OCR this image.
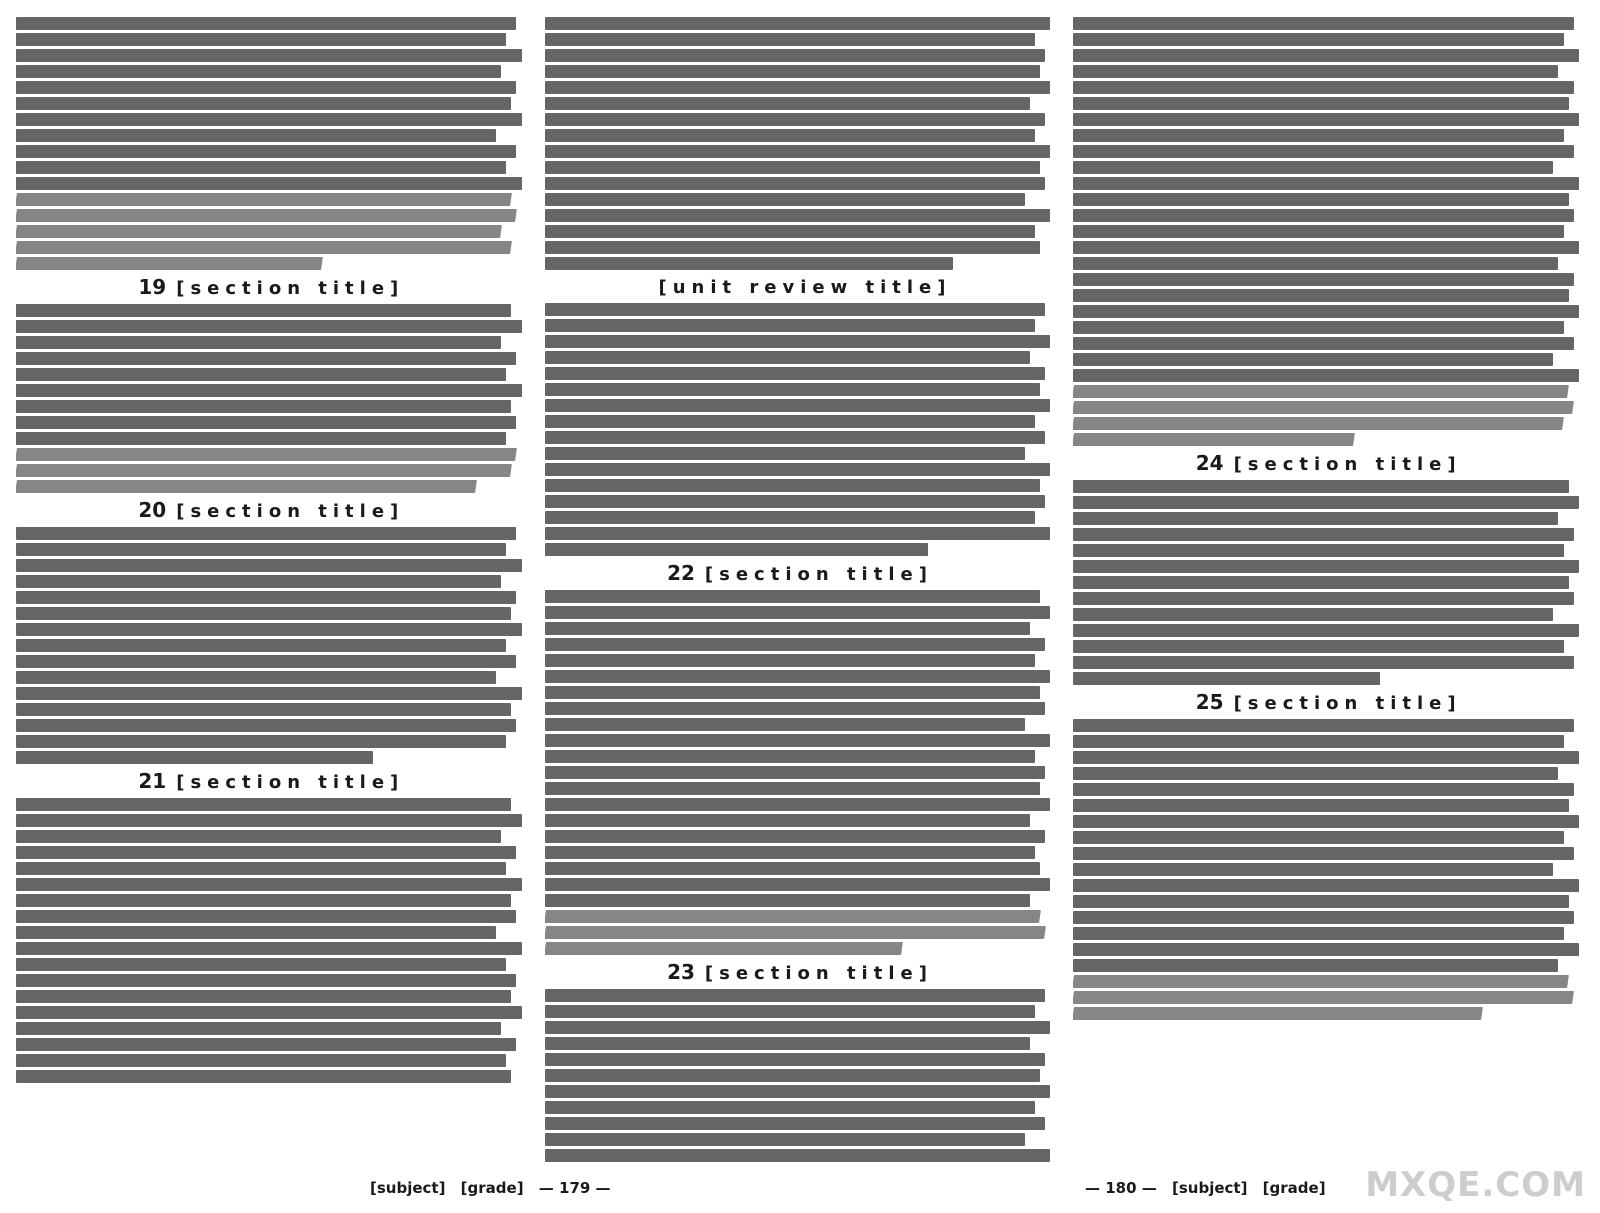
19 [section title]
20 [section title]
21 [section title]
[unit review title]
22 [section title]
23 [section title]
24 [section title]
25 [section title]
[subject] [grade] — 179 —	— 180 — [subject] [grade] MXQE.COM
